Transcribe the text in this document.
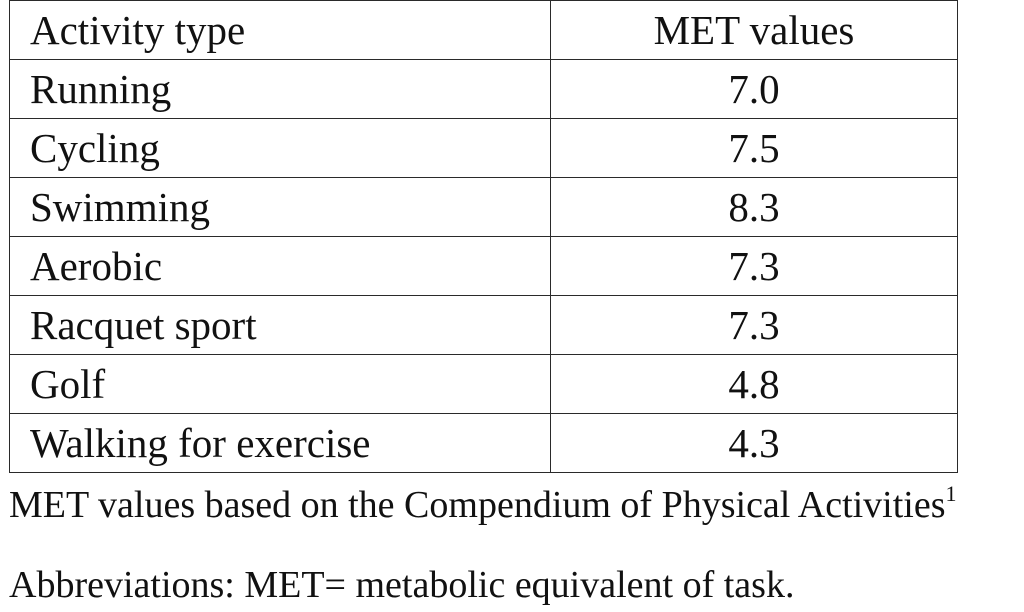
Activity type	MET values
Running	7.0
Cycling	7.5
Swimming	8.3
Aerobic	7.3
Racquet sport	7.3
Golf	4.8
Walking for exercise	4.3
MET values based on the Compendium of Physical Activities$^1$
Abbreviations: MET= metabolic equivalent of task.
